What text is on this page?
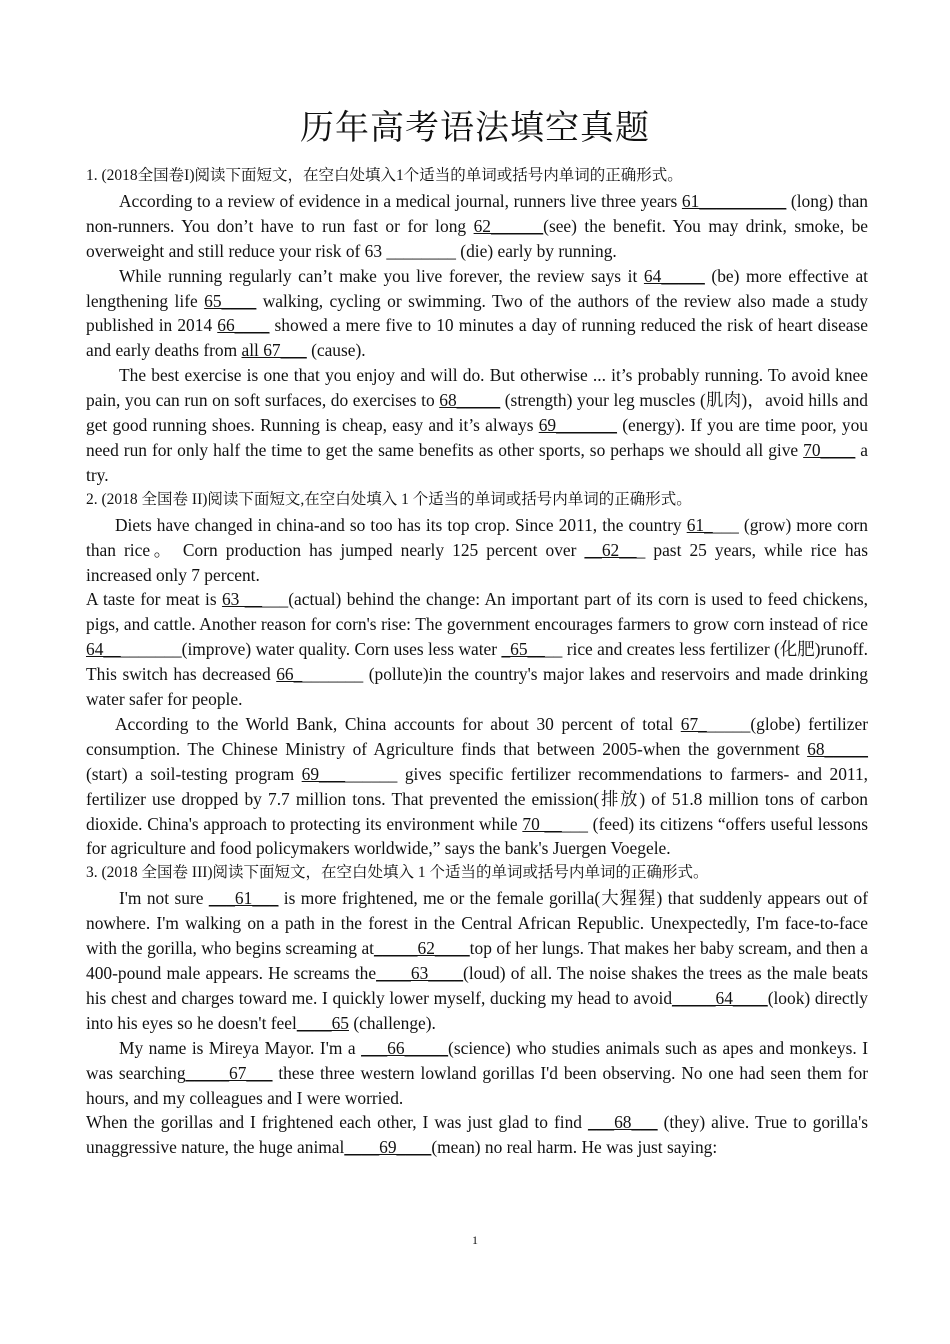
历年高考语法填空真题

1. (2018全国卷I)阅读下面短文，在空白处填入1个适当的单词或括号内单词的正确形式。

According to a review of evidence in a medical journal, runners live three years 61__________ (long) than non-runners. You don’t have to run fast or for long 62______(see) the benefit. You may drink, smoke, be overweight and still reduce your risk of 63 ________ (die) early by running.

While running regularly can’t make you live forever, the review says it 64_____ (be) more effective at lengthening life 65____ walking, cycling or swimming. Two of the authors of the review also made a study published in 2014 66____ showed a mere five to 10 minutes a day of running reduced the risk of heart disease and early deaths from all 67___ (cause).

The best exercise is one that you enjoy and will do. But otherwise ... it’s probably running. To avoid knee pain, you can run on soft surfaces, do exercises to 68_____ (strength) your leg muscles (肌肉)，avoid hills and get good running shoes. Running is cheap, easy and it’s always 69_______ (energy). If you are time poor, you need run for only half the time to get the same benefits as other sports, so perhaps we should all give 70____ a try.

2. (2018 全国卷 II)阅读下面短文,在空白处填入 1 个适当的单词或括号内单词的正确形式。

Diets have changed in china-and so too has its top crop. Since 2011, the country 61____ (grow) more corn than rice。 Corn production has jumped nearly 125 percent over __62___ past 25 years, while rice has increased only 7 percent.

A taste for meat is 63 _____(actual) behind the change: An important part of its corn is used to feed chickens, pigs, and cattle. Another reason for corn's rise: The government encourages farmers to grow corn instead of rice 64_________(improve) water quality. Corn uses less water _65____ rice and creates less fertilizer (化肥)runoff. This switch has decreased 66________ (pollute)in the country's major lakes and reservoirs and made drinking water safer for people.

According to the World Bank, China accounts for about 30 percent of total 67______(globe) fertilizer consumption. The Chinese Ministry of Agriculture finds that between 2005-when the government 68_____ (start) a soil-testing program 69_________ gives specific fertilizer recommendations to farmers- and 2011, fertilizer use dropped by 7.7 million tons. That prevented the emission(排放) of 51.8 million tons of carbon dioxide. China's approach to protecting its environment while 70 _____ (feed) its citizens “offers useful lessons for agriculture and food policymakers worldwide,” says the bank's Juergen Voegele.

3. (2018 全国卷 III)阅读下面短文，在空白处填入 1 个适当的单词或括号内单词的正确形式。

I'm not sure ___61___ is more frightened, me or the female gorilla(大猩猩) that suddenly appears out of nowhere. I'm walking on a path in the forest in the Central African Republic. Unexpectedly, I'm face-to-face with the gorilla, who begins screaming at_____62____top of her lungs. That makes her baby scream, and then a 400-pound male appears. He screams the____63____(loud) of all. The noise shakes the trees as the male beats his chest and charges toward me. I quickly lower myself, ducking my head to avoid_____64____(look) directly into his eyes so he doesn't feel____65 (challenge).

My name is Mireya Mayor. I'm a ___66_____(science) who studies animals such as apes and monkeys. I was searching_____67___ these three western lowland gorillas I'd been observing. No one had seen them for hours, and my colleagues and I were worried.

When the gorillas and I frightened each other, I was just glad to find ___68___ (they) alive. True to gorilla's unaggressive nature, the huge animal____69____(mean) no real harm. He was just saying:

1
